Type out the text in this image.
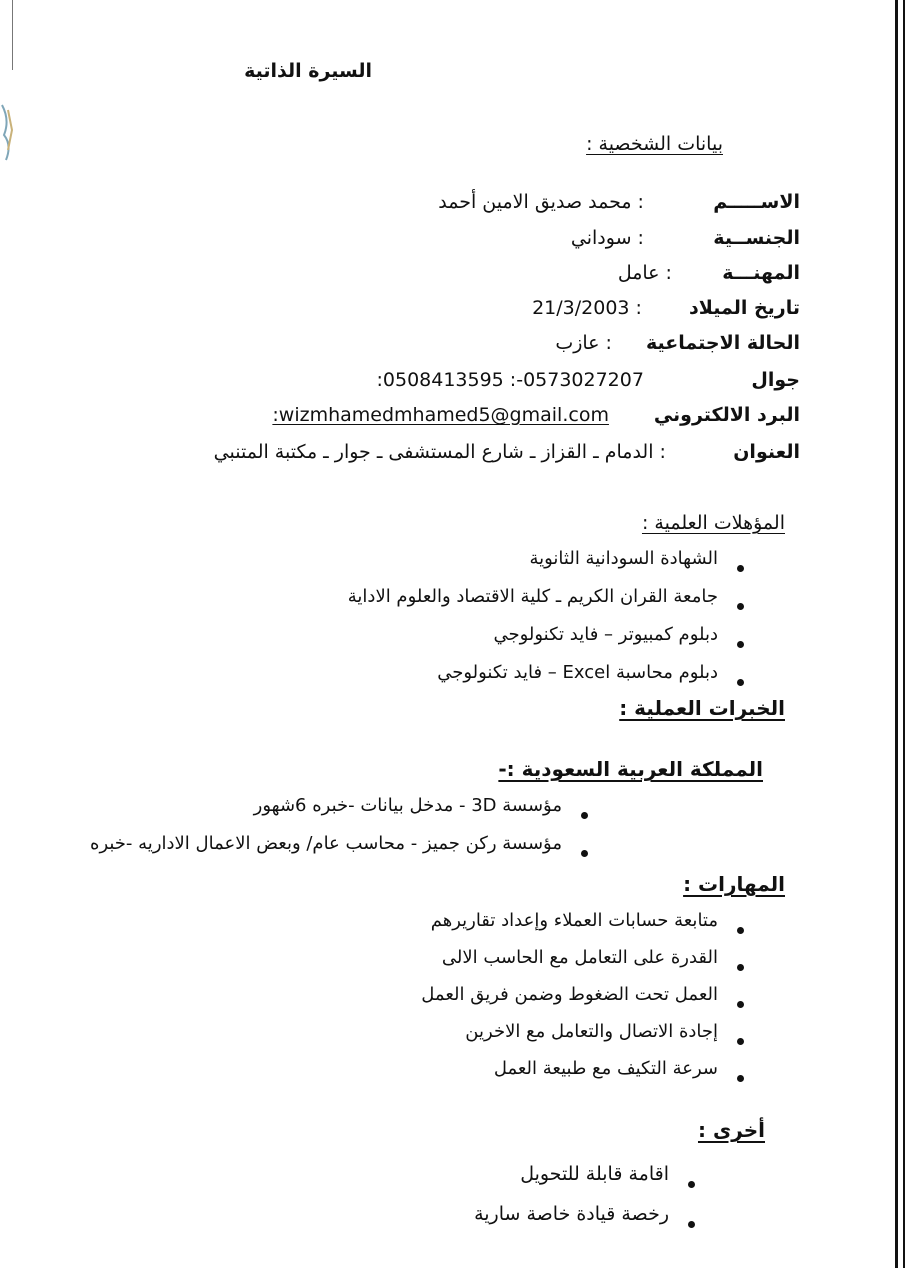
السيرة الذاتية
بيانات الشخصية :
الاســـــم : محمد صديق الامين أحمد
الجنســية : سوداني
المهنـــة : عامل
تاريخ الميلاد : 21/3/2003
الحالة الاجتماعية : عازب
جوال :0508413595 :-0573027207
البرد الالكتروني :wizmhamedmhamed5@gmail.com
العنوان : الدمام ـ القزاز ـ شارع المستشفى ـ جوار ـ مكتبة المتنبي
المؤهلات العلمية :
الشهادة السودانية الثانوية
جامعة القران الكريم ـ كلية الاقتصاد والعلوم الاداية
دبلوم كمبيوتر – فايد تكنولوجي
دبلوم محاسبة Excel – فايد تكنولوجي
الخبرات العملية :
المملكة العربية السعودية :-
مؤسسة 3D - مدخل بيانات -خبره 6شهور
مؤسسة ركن جميز - محاسب عام/ وبعض الاعمال الاداريه -خبره
المهارات :
متابعة حسابات العملاء وإعداد تقاريرهم
القدرة على التعامل مع الحاسب الالى
العمل تحت الضغوط وضمن فريق العمل
إجادة الاتصال والتعامل مع الاخرين
سرعة التكيف مع طبيعة العمل
أخرى :
اقامة قابلة للتحويل
رخصة قيادة خاصة سارية
